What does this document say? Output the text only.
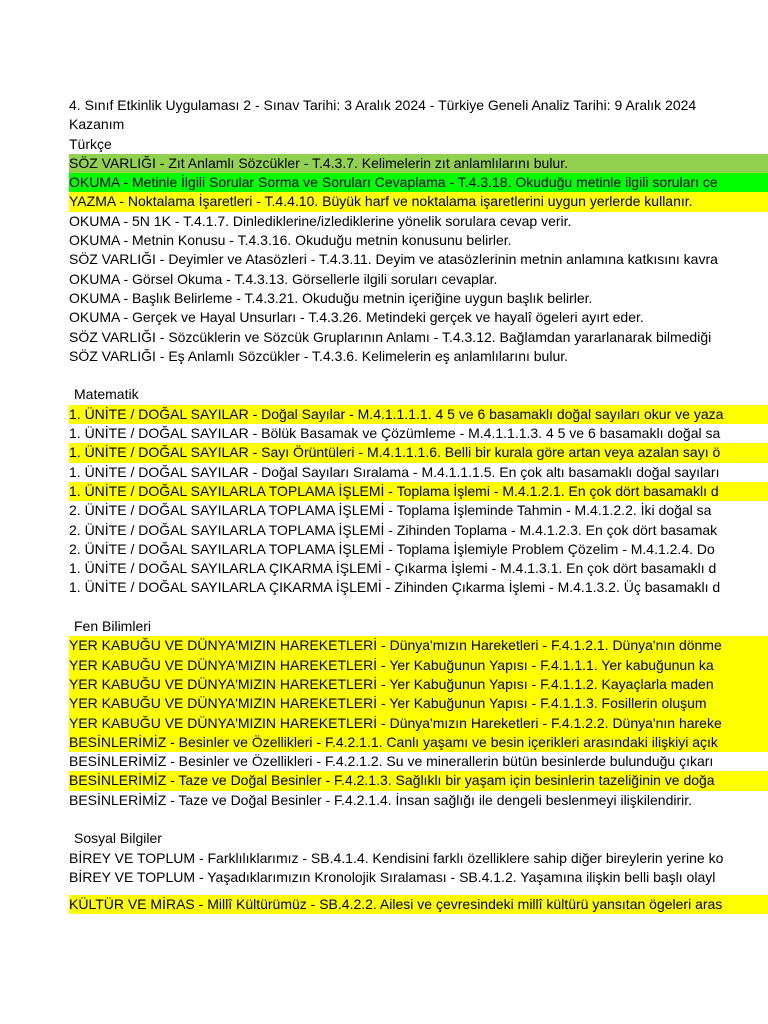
4. Sınıf Etkinlik Uygulaması 2 - Sınav Tarihi: 3 Aralık 2024 - Türkiye Geneli Analiz Tarihi: 9 Aralık 2024
Kazanım
Türkçe
SÖZ VARLIĞI - Zıt Anlamlı Sözcükler - T.4.3.7. Kelimelerin zıt anlamlılarını bulur.
OKUMA - Metinle İlgili Sorular Sorma ve Soruları Cevaplama - T.4.3.18. Okuduğu metinle ilgili soruları ce
YAZMA - Noktalama İşaretleri - T.4.4.10. Büyük harf ve noktalama işaretlerini uygun yerlerde kullanır.
OKUMA - 5N 1K - T.4.1.7. Dinlediklerine/izlediklerine yönelik sorulara cevap verir.
OKUMA - Metnin Konusu - T.4.3.16. Okuduğu metnin konusunu belirler.
SÖZ VARLIĞI - Deyimler ve Atasözleri - T.4.3.11. Deyim ve atasözlerinin metnin anlamına katkısını kavra
OKUMA - Görsel Okuma - T.4.3.13. Görsellerle ilgili soruları cevaplar.
OKUMA - Başlık Belirleme - T.4.3.21. Okuduğu metnin içeriğine uygun başlık belirler.
OKUMA - Gerçek ve Hayal Unsurları - T.4.3.26. Metindeki gerçek ve hayalî ögeleri ayırt eder.
SÖZ VARLIĞI - Sözcüklerin ve Sözcük Gruplarının Anlamı - T.4.3.12. Bağlamdan yararlanarak bilmediği
SÖZ VARLIĞI - Eş Anlamlı Sözcükler - T.4.3.6. Kelimelerin eş anlamlılarını bulur.
Matematik
1. ÜNİTE / DOĞAL SAYILAR - Doğal Sayılar - M.4.1.1.1.1. 4 5 ve 6 basamaklı doğal sayıları okur ve yaza
1. ÜNİTE / DOĞAL SAYILAR - Bölük Basamak ve Çözümleme - M.4.1.1.1.3. 4 5 ve 6 basamaklı doğal sa
1. ÜNİTE / DOĞAL SAYILAR - Sayı Örüntüleri - M.4.1.1.1.6. Belli bir kurala göre artan veya azalan sayı ö
1. ÜNİTE / DOĞAL SAYILAR - Doğal Sayıları Sıralama - M.4.1.1.1.5. En çok altı basamaklı doğal sayıları
1. ÜNİTE / DOĞAL SAYILARLA TOPLAMA İŞLEMİ - Toplama İşlemi - M.4.1.2.1. En çok dört basamaklı d
2. ÜNİTE / DOĞAL SAYILARLA TOPLAMA İŞLEMİ - Toplama İşleminde Tahmin - M.4.1.2.2. İki doğal sa
2. ÜNİTE / DOĞAL SAYILARLA TOPLAMA İŞLEMİ - Zihinden Toplama - M.4.1.2.3. En çok dört basamak
2. ÜNİTE / DOĞAL SAYILARLA TOPLAMA İŞLEMİ - Toplama İşlemiyle Problem Çözelim - M.4.1.2.4. Do
1. ÜNİTE / DOĞAL SAYILARLA ÇIKARMA İŞLEMİ - Çıkarma İşlemi - M.4.1.3.1. En çok dört basamaklı d
1. ÜNİTE / DOĞAL SAYILARLA ÇIKARMA İŞLEMİ - Zihinden Çıkarma İşlemi - M.4.1.3.2. Üç basamaklı d
Fen Bilimleri
YER KABUĞU VE DÜNYA'MIZIN HAREKETLERİ - Dünya'mızın Hareketleri - F.4.1.2.1. Dünya'nın dönme
YER KABUĞU VE DÜNYA'MIZIN HAREKETLERİ - Yer Kabuğunun Yapısı - F.4.1.1.1. Yer kabuğunun ka
YER KABUĞU VE DÜNYA'MIZIN HAREKETLERİ - Yer Kabuğunun Yapısı - F.4.1.1.2. Kayaçlarla maden
YER KABUĞU VE DÜNYA'MIZIN HAREKETLERİ - Yer Kabuğunun Yapısı - F.4.1.1.3. Fosillerin oluşum
YER KABUĞU VE DÜNYA'MIZIN HAREKETLERİ - Dünya'mızın Hareketleri - F.4.1.2.2. Dünya'nın hareke
BESİNLERİMİZ - Besinler ve Özellikleri - F.4.2.1.1. Canlı yaşamı ve besin içerikleri arasındaki ilişkiyi açık
BESİNLERİMİZ - Besinler ve Özellikleri - F.4.2.1.2. Su ve minerallerin bütün besinlerde bulunduğu çıkarı
BESİNLERİMİZ - Taze ve Doğal Besinler - F.4.2.1.3. Sağlıklı bir yaşam için besinlerin tazeliğinin ve doğa
BESİNLERİMİZ - Taze ve Doğal Besinler - F.4.2.1.4. İnsan sağlığı ile dengeli beslenmeyi ilişkilendirir.
Sosyal Bilgiler
BİREY VE TOPLUM - Farklılıklarımız - SB.4.1.4. Kendisini farklı özelliklere sahip diğer bireylerin yerine ko
BİREY VE TOPLUM - Yaşadıklarımızın Kronolojik Sıralaması - SB.4.1.2. Yaşamına ilişkin belli başlı olayl
KÜLTÜR VE MİRAS - Millî Kültürümüz - SB.4.2.2. Ailesi ve çevresindeki millî kültürü yansıtan ögeleri aras
